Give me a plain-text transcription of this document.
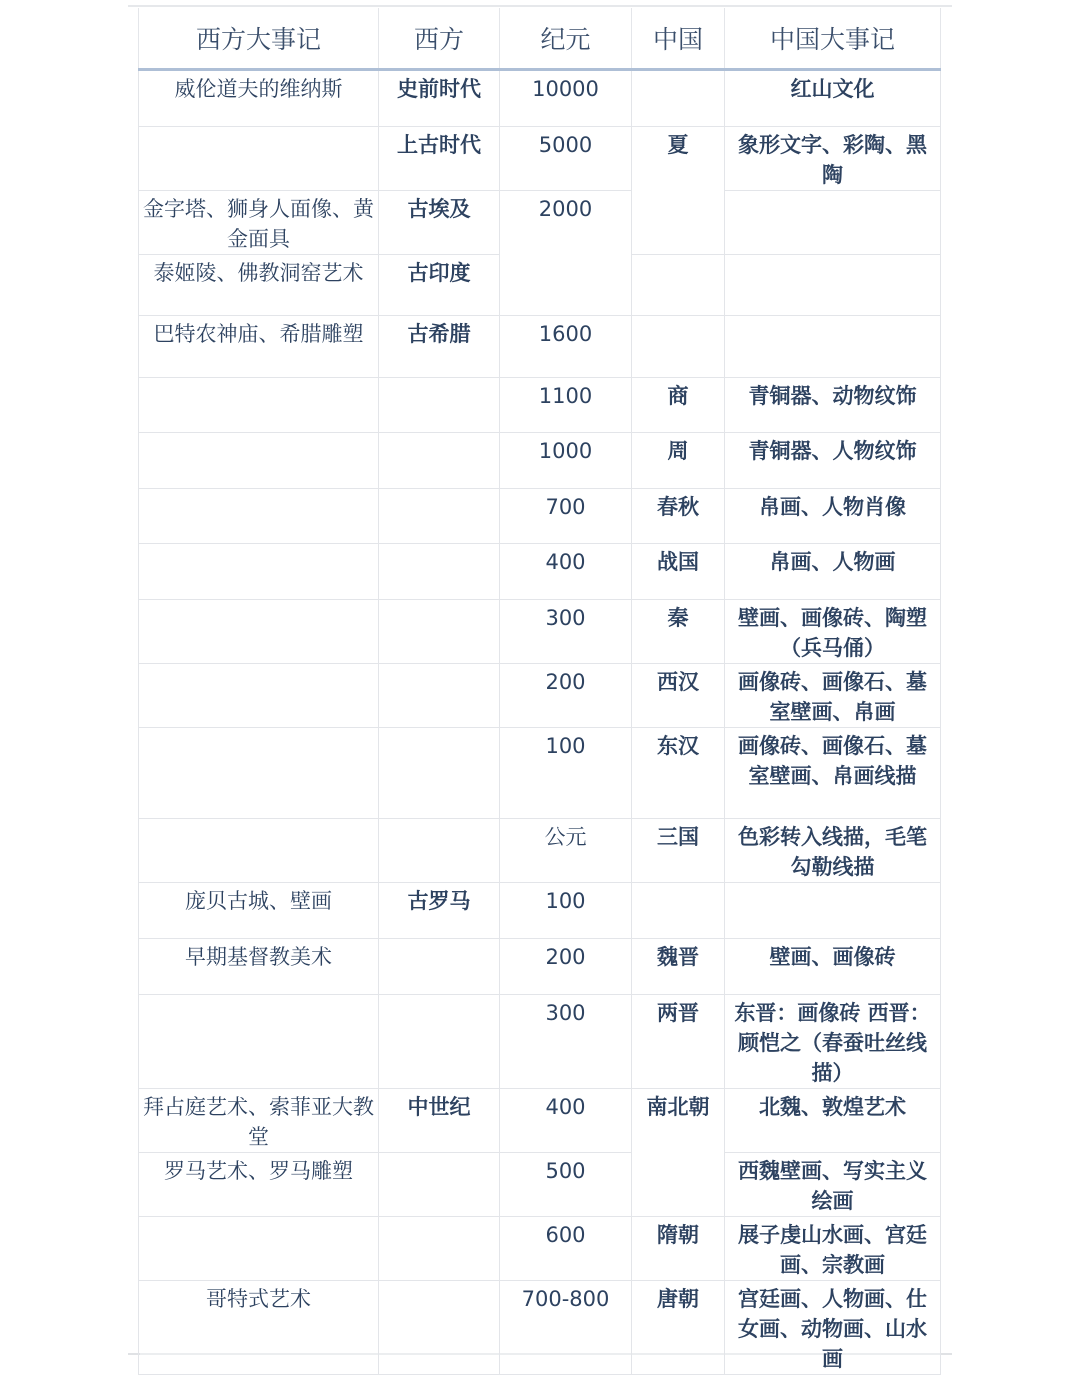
西方大事记	西方	纪元	中国	中国大事记
威伦道夫的维纳斯	史前时代	10000		红山文化
	上古时代	5000	夏	象形文字、彩陶、黑陶
金字塔、狮身人面像、黄金面具	古埃及	2000		
泰姬陵、佛教洞窑艺术	古印度			
巴特农神庙、希腊雕塑	古希腊	1600		
		1100	商	青铜器、动物纹饰
		1000	周	青铜器、人物纹饰
		700	春秋	帛画、人物肖像
		400	战国	帛画、人物画
		300	秦	壁画、画像砖、陶塑（兵马俑）
		200	西汉	画像砖、画像石、墓室壁画、帛画
		100	东汉	画像砖、画像石、墓室壁画、帛画线描
		公元	三国	色彩转入线描，毛笔勾勒线描
庞贝古城、壁画	古罗马	100		
早期基督教美术		200	魏晋	壁画、画像砖
		300	两晋	东晋：画像砖 西晋：顾恺之（春蚕吐丝线描）
拜占庭艺术、索菲亚大教堂	中世纪	400	南北朝	北魏、敦煌艺术
罗马艺术、罗马雕塑		500		西魏壁画、写实主义绘画
		600	隋朝	展子虔山水画、宫廷画、宗教画
哥特式艺术		700-800	唐朝	宫廷画、人物画、仕女画、动物画、山水画
